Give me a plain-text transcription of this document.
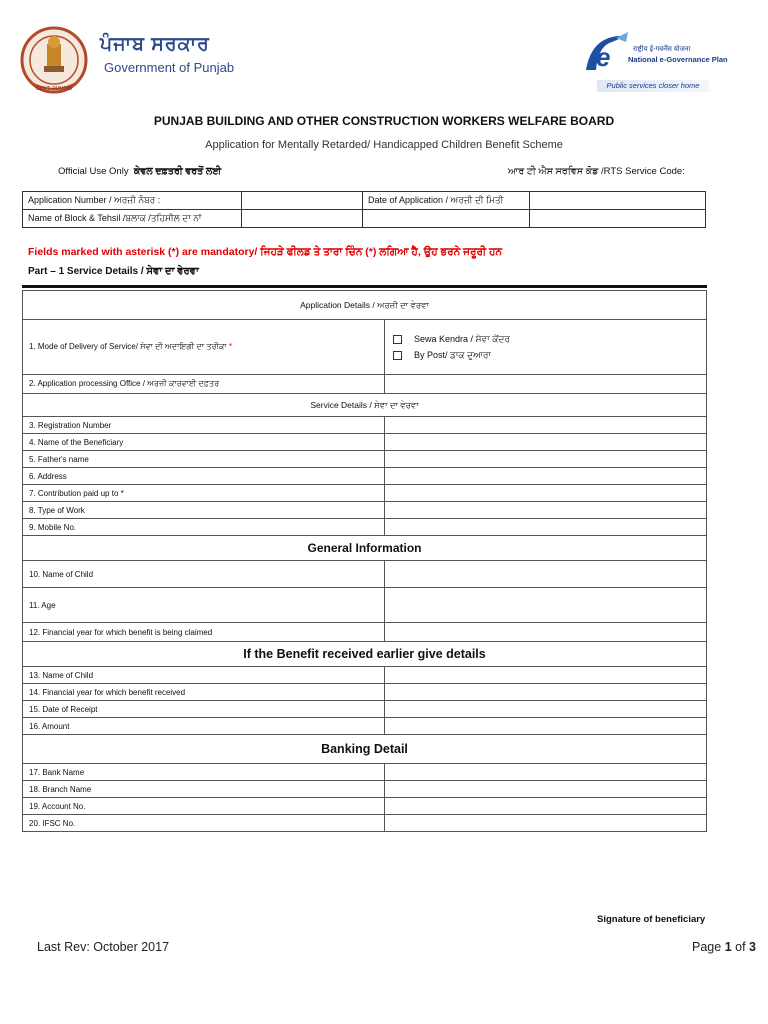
GOVT. PUNJAB
ਪੰਜਾਬ ਸਰਕਾਰ
Government of Punjab	e	राष्ट्रीय ई-गवर्नेंस योजना
National e-Governance Plan
Public services closer home
PUNJAB BUILDING AND OTHER CONSTRUCTION WORKERS WELFARE BOARD
Application for Mentally Retarded/ Handicapped Children Benefit Scheme
Official Use Only ਕੇਵਲ ਦਫ਼ਤਰੀ ਵਰਤੋਂ ਲਈ	ਆਰ ਟੀ ਐਸ ਸਰਵਿਸ ਕੋਡ /RTS Service Code:
Application Number / ਅਰਜ਼ੀ ਨੰਬਰ :		Date of Application / ਅਰਜ਼ੀ ਦੀ ਮਿਤੀ	
Name of Block & Tehsil /ਬਲਾਕ /ਤਹਿਸੀਲ ਦਾ ਨਾਂ			
Fields marked with asterisk (*) are mandatory/ ਜਿਹੜੇ ਫੀਲਡ ਤੇ ਤਾਰਾ ਚਿੰਨ (*) ਲਗਿਆ ਹੈ, ਉਹ ਭਰਨੇ ਜਰੂਰੀ ਹਨ
Part – 1 Service Details / ਸੇਵਾ ਦਾ ਵੇਰਵਾ
Application Details / ਅਰਜ਼ੀ ਦਾ ਵੇਰਵਾ	
1. Mode of Delivery of Service/ ਸੇਵਾ ਦੀ ਅਦਾਇਗੀ ਦਾ ਤਰੀਕਾ *	Sewa Kendra / ਸੇਵਾ ਕੇਂਦਰ
By Post/ ਡਾਕ ਦੁਆਰਾ

2. Application processing Office / ਅਰਜ਼ੀ ਕਾਰਵਾਈ ਦਫ਼ਤਰ	
Service Details / ਸੇਵਾ ਦਾ ਵੇਰਵਾ	
3. Registration Number	
4. Name of the Beneficiary	
5. Father's name	
6. Address	
7. Contribution paid up to *	
8. Type of Work	
9. Mobile No.	
General Information	
10. Name of Child	
11. Age	
12. Financial year for which benefit is being claimed	
If the Benefit received earlier give details	
13. Name of Child	
14. Financial year for which benefit received	
15. Date of Receipt	
16. Amount	
Banking Detail	
17. Bank Name	
18. Branch Name	
19. Account No.	
20. IFSC No.	
Signature of beneficiary
Last Rev: October 2017	Page 1 of 3
